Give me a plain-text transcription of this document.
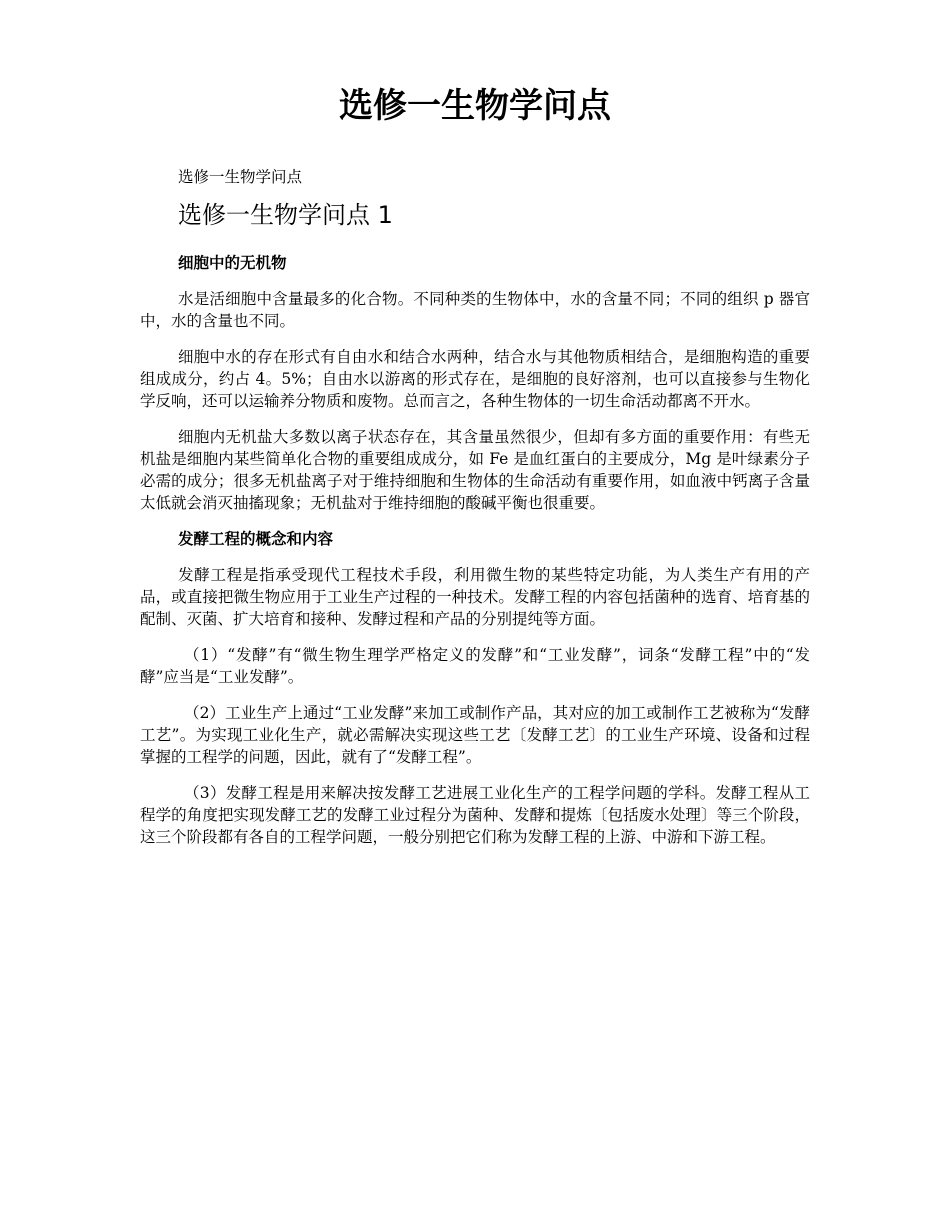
选修一生物学问点

选修一生物学问点

选修一生物学问点 1

细胞中的无机物

水是活细胞中含量最多的化合物。不同种类的生物体中，水的含量不同；不同的组织 p 器官中，水的含量也不同。

细胞中水的存在形式有自由水和结合水两种，结合水与其他物质相结合，是细胞构造的重要组成成分，约占 4。5%；自由水以游离的形式存在，是细胞的良好溶剂，也可以直接参与生物化学反响，还可以运输养分物质和废物。总而言之，各种生物体的一切生命活动都离不开水。

细胞内无机盐大多数以离子状态存在，其含量虽然很少，但却有多方面的重要作用：有些无机盐是细胞内某些简单化合物的重要组成成分，如 Fe 是血红蛋白的主要成分，Mg 是叶绿素分子必需的成分；很多无机盐离子对于维持细胞和生物体的生命活动有重要作用，如血液中钙离子含量太低就会消灭抽搐现象；无机盐对于维持细胞的酸碱平衡也很重要。

发酵工程的概念和内容

发酵工程是指承受现代工程技术手段，利用微生物的某些特定功能，为人类生产有用的产品，或直接把微生物应用于工业生产过程的一种技术。发酵工程的内容包括菌种的选育、培育基的配制、灭菌、扩大培育和接种、发酵过程和产品的分别提纯等方面。

（1）“发酵”有“微生物生理学严格定义的发酵”和“工业发酵”，词条“发酵工程”中的“发酵”应当是“工业发酵”。

（2）工业生产上通过“工业发酵”来加工或制作产品，其对应的加工或制作工艺被称为“发酵工艺”。为实现工业化生产，就必需解决实现这些工艺〔发酵工艺〕的工业生产环境、设备和过程掌握的工程学的问题，因此，就有了“发酵工程”。

（3）发酵工程是用来解决按发酵工艺进展工业化生产的工程学问题的学科。发酵工程从工程学的角度把实现发酵工艺的发酵工业过程分为菌种、发酵和提炼〔包括废水处理〕等三个阶段，这三个阶段都有各自的工程学问题，一般分别把它们称为发酵工程的上游、中游和下游工程。
